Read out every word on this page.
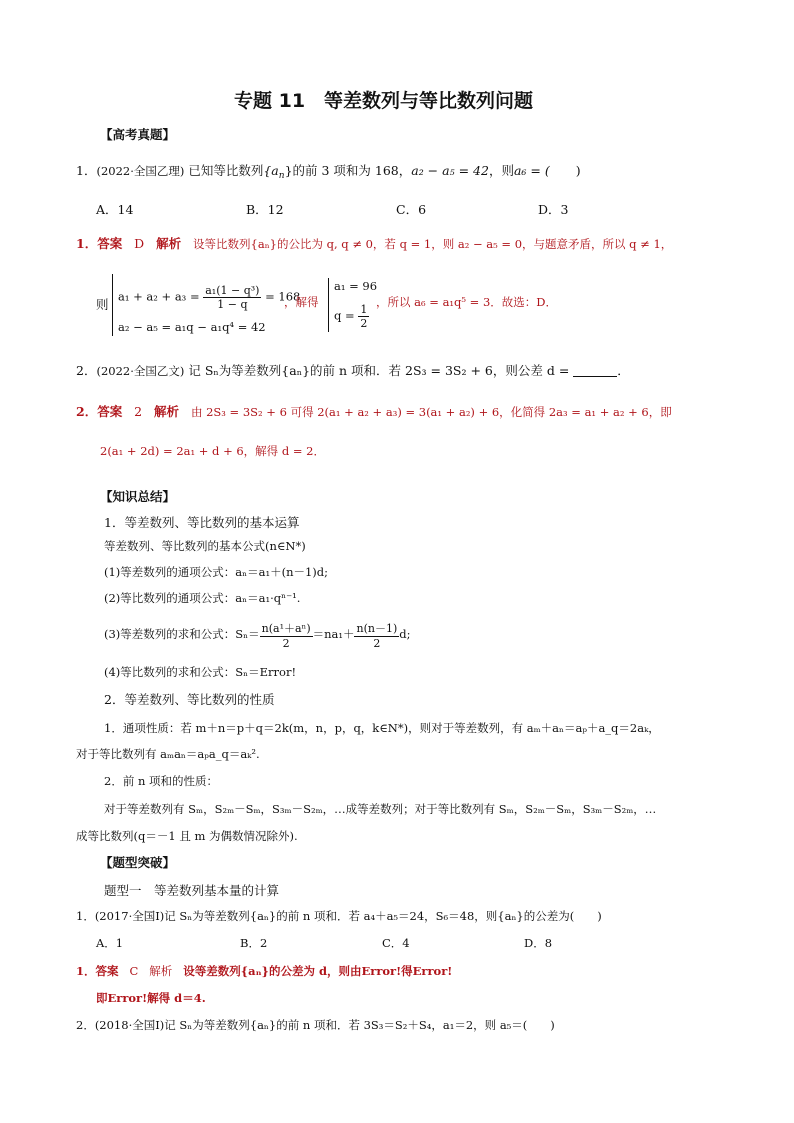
专题 11　等差数列与等比数列问题
【高考真题】
1．(2022·全国乙理) 已知等比数列$\{a_n\}$的前 3 项和为 168，a₂ − a₅ = 42，则a₆ = ( )
A．14	B．12	C．6	D．3
1．答案 D 解析 设等比数列{aₙ}的公比为 q, q ≠ 0，若 q = 1，则 a₂ − a₅ = 0，与题意矛盾，所以 q ≠ 1，
则
$a_1 + a_2 + a_3 = \frac{\text{a₁(1 − q³)}}{1 - q} = 168$
a₂ − a₅ = a₁q − a₁q⁴ = 42
，解得
a₁ = 96
$q = \frac{1}{2}$
，所以 a₆ = a₁q⁵ = 3．故选：D．
2．(2022·全国乙文) 记 Sₙ为等差数列{aₙ}的前 n 项和．若 2S₃ = 3S₂ + 6，则公差 d =	．
2．答案 2 解析 由 2S₃ = 3S₂ + 6 可得 2(a₁ + a₂ + a₃) = 3(a₁ + a₂) + 6，化简得 2a₃ = a₁ + a₂ + 6，即
2(a₁ + 2d) = 2a₁ + d + 6，解得 d = 2．
【知识总结】
1．等差数列、等比数列的基本运算
等差数列、等比数列的基本公式(n∈N*)
(1)等差数列的通项公式：aₙ＝a₁＋(n－1)d;
(2)等比数列的通项公式：aₙ＝a₁·qⁿ⁻¹.
(3)等差数列的求和公式：$S_n= \frac{\text{n(a¹＋aⁿ)}}{2} =na_1+ \frac{n(n-1)}{2} d$;
(4)等比数列的求和公式：Sₙ＝Error!
2．等差数列、等比数列的性质
1．通项性质：若 m＋n＝p＋q＝2k(m，n，p，q，k∈N*)，则对于等差数列，有 aₘ＋aₙ＝aₚ＋a_q＝2aₖ，
对于等比数列有 aₘaₙ＝aₚa_q＝aₖ².
2．前 n 项和的性质：
对于等差数列有 Sₘ，S₂ₘ－Sₘ，S₃ₘ－S₂ₘ，…成等差数列；对于等比数列有 Sₘ，S₂ₘ－Sₘ，S₃ₘ－S₂ₘ，…
成等比数列(q＝－1 且 m 为偶数情况除外).
【题型突破】
题型一　等差数列基本量的计算
1．(2017·全国Ⅰ)记 Sₙ为等差数列{aₙ}的前 n 项和．若 a₄＋a₅＝24，S₆＝48，则{aₙ}的公差为(　　)
A．1	B．2	C．4	D．8
1．答案 C 解析 设等差数列{aₙ}的公差为 d，则由Error!得Error!
即Error!解得 d＝4.
2．(2018·全国Ⅰ)记 Sₙ为等差数列{aₙ}的前 n 项和．若 3S₃＝S₂＋S₄，a₁＝2，则 a₅＝(　　)
